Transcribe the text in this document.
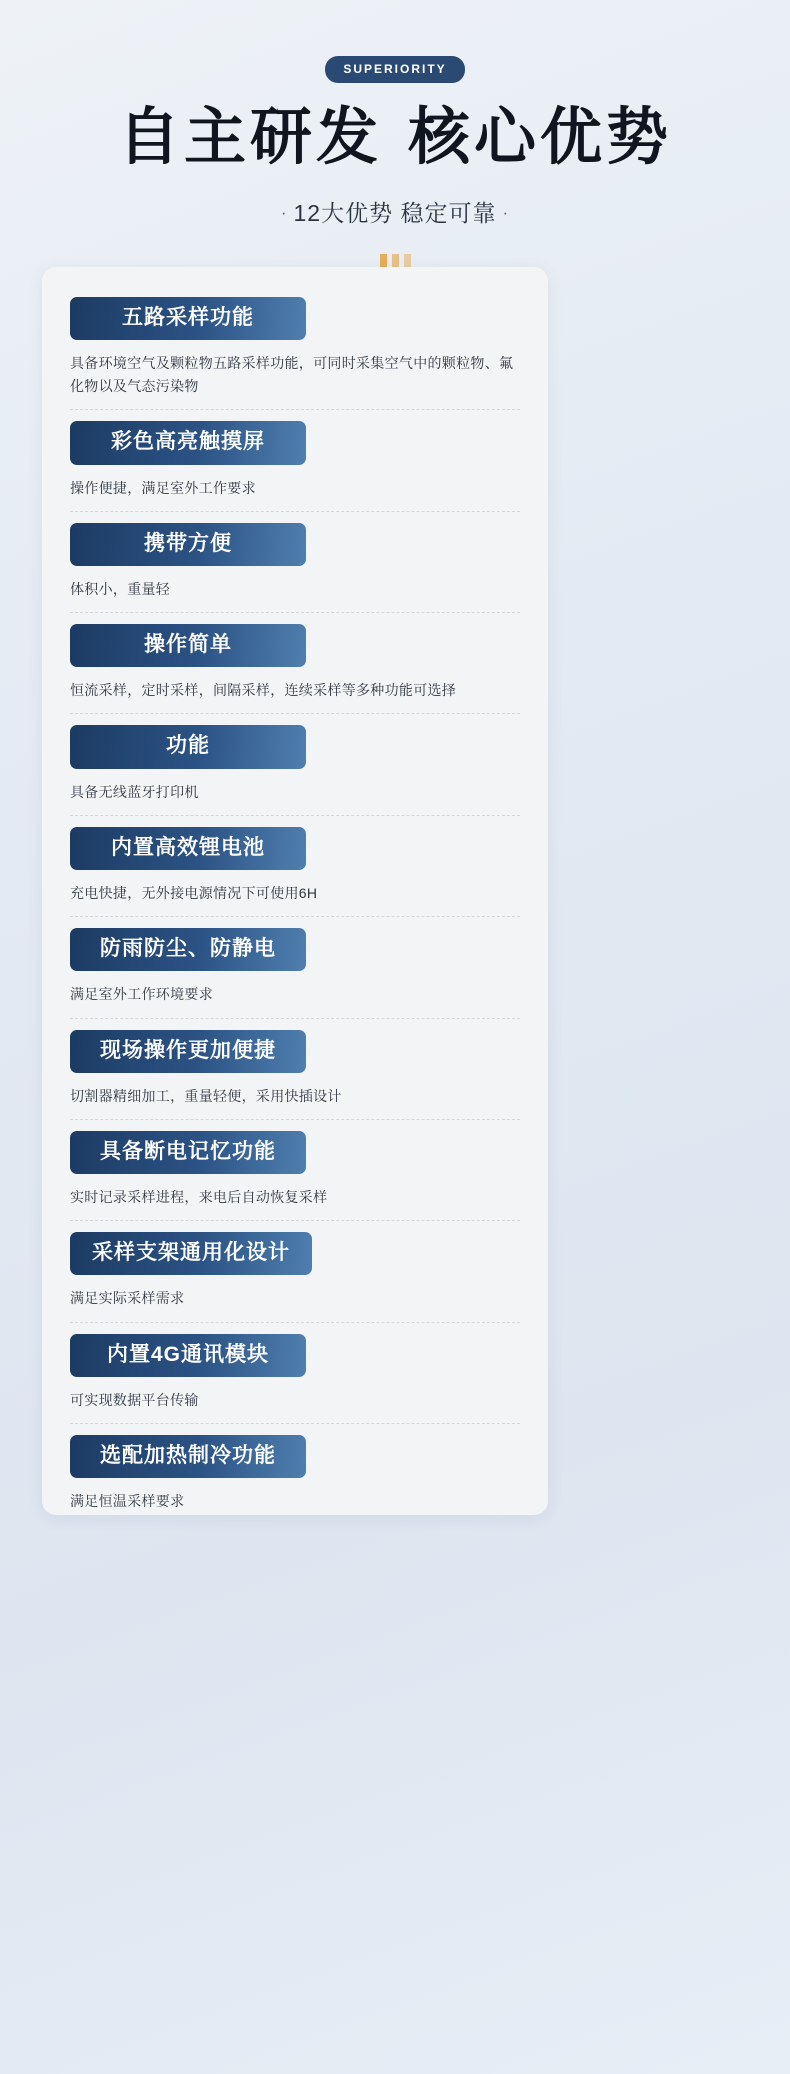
SUPERIORITY
自主研发 核心优势
· 12大优势 稳定可靠 ·
五路采样功能
具备环境空气及颗粒物五路采样功能，可同时采集空气中的颗粒物、氟化物以及气态污染物
彩色高亮触摸屏
操作便捷，满足室外工作要求
携带方便
体积小，重量轻
操作简单
恒流采样，定时采样，间隔采样，连续采样等多种功能可选择
功能
具备无线蓝牙打印机
内置高效锂电池
充电快捷，无外接电源情况下可使用6H
防雨防尘、防静电
满足室外工作环境要求
现场操作更加便捷
切割器精细加工，重量轻便，采用快插设计
具备断电记忆功能
实时记录采样进程，来电后自动恢复采样
采样支架通用化设计
满足实际采样需求
内置4G通讯模块
可实现数据平台传输
选配加热制冷功能
满足恒温采样要求
